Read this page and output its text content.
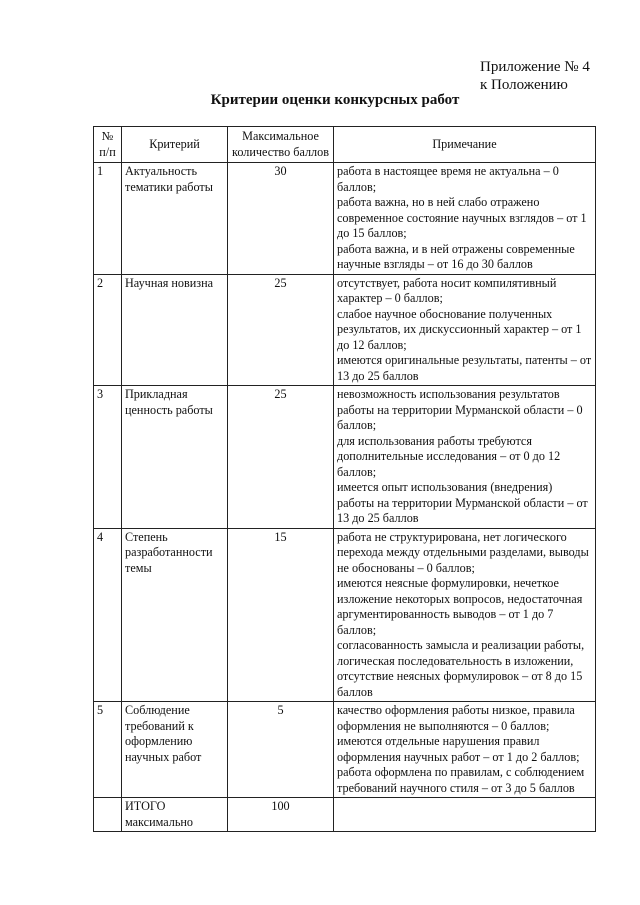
Приложение № 4
к Положению
Критерии оценки конкурсных работ
№ п/п	Критерий	Максимальное количество баллов	Примечание
1	Актуальность тематики работы	30	работа в настоящее время не актуальна – 0 баллов;
работа важна, но в ней слабо отражено современное состояние научных взглядов – от 1 до 15 баллов;
работа важна, и в ней отражены современные научные взгляды – от 16 до 30 баллов

2	Научная новизна	25	отсутствует, работа носит компилятивный характер – 0 баллов;
слабое научное обоснование полученных результатов, их дискуссионный характер – от 1 до 12 баллов;
имеются оригинальные результаты, патенты – от 13 до 25 баллов

3	Прикладная ценность работы	25	невозможность использования результатов работы на территории Мурманской области – 0 баллов;
для использования работы требуются дополнительные исследования – от 0 до 12 баллов;
имеется опыт использования (внедрения) работы на территории Мурманской области – от 13 до 25 баллов

4	Степень разработанности темы	15	работа не структурирована, нет логического перехода между отдельными разделами, выводы не обоснованы – 0 баллов;
имеются неясные формулировки, нечеткое изложение некоторых вопросов, недостаточная аргументированность выводов – от 1 до 7 баллов;
согласованность замысла и реализации работы, логическая последовательность в изложении, отсутствие неясных формулировок – от 8 до 15 баллов

5	Соблюдение требований к оформлению научных работ	5	качество оформления работы низкое, правила оформления не выполняются – 0 баллов;
имеются отдельные нарушения правил оформления научных работ – от 1 до 2 баллов;
работа оформлена по правилам, с соблюдением требований научного стиля – от 3 до 5 баллов

	ИТОГО максимально	100	
